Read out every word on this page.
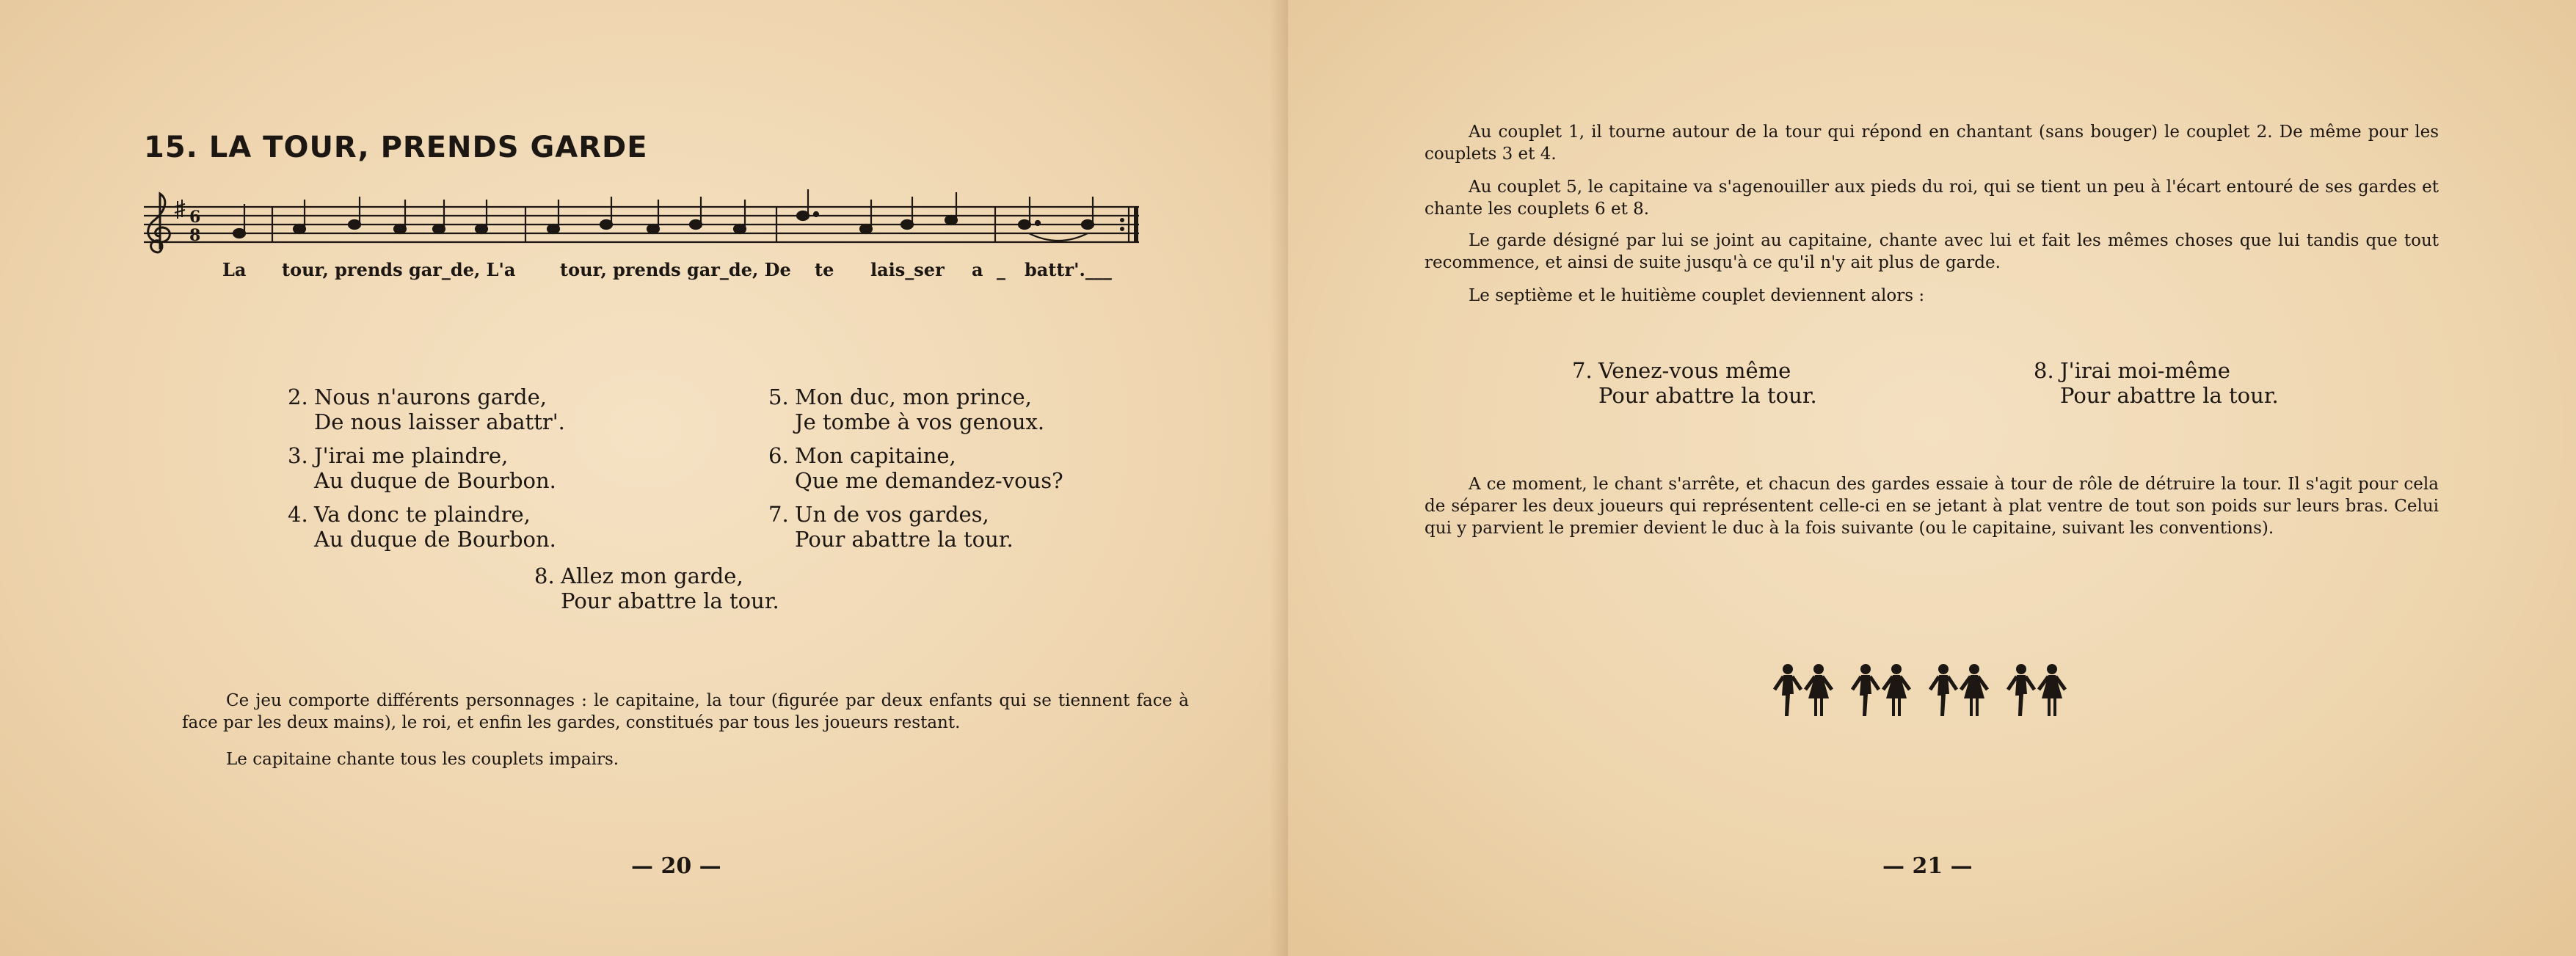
15. LA TOUR, PRENDS GARDE
6
8
La tour, prends gar_de, L'a	tour, prends gar_de, De te lais_ser a _ battr'.___
2. Nous n'aurons garde,
De nous laisser abattr'.
3. J'irai me plaindre,
Au duque de Bourbon.
4. Va donc te plaindre,
Au duque de Bourbon.
5. Mon duc, mon prince,
Je tombe à vos genoux.
6. Mon capitaine,
Que me demandez-vous?
7. Un de vos gardes,
Pour abattre la tour.
8. Allez mon garde,
Pour abattre la tour.

Ce jeu comporte différents personnages : le capitaine, la tour (figurée par deux enfants qui se tiennent face à face par les deux mains), le roi, et enfin les gardes, constitués par tous les joueurs restant.

Le capitaine chante tous les couplets impairs.

— 20 —

Au couplet 1, il tourne autour de la tour qui répond en chantant (sans bouger) le couplet 2. De même pour les couplets 3 et 4.

Au couplet 5, le capitaine va s'agenouiller aux pieds du roi, qui se tient un peu à l'écart entouré de ses gardes et chante les couplets 6 et 8.

Le garde désigné par lui se joint au capitaine, chante avec lui et fait les mêmes choses que lui tandis que tout recommence, et ainsi de suite jusqu'à ce qu'il n'y ait plus de garde.

Le septième et le huitième couplet deviennent alors :

7. Venez-vous même
Pour abattre la tour.
8. J'irai moi-même
Pour abattre la tour.

A ce moment, le chant s'arrête, et chacun des gardes essaie à tour de rôle de détruire la tour. Il s'agit pour cela de séparer les deux joueurs qui représentent celle-ci en se jetant à plat ventre de tout son poids sur leurs bras. Celui qui y parvient le premier devient le duc à la fois suivante (ou le capitaine, suivant les conventions).

— 21 —
